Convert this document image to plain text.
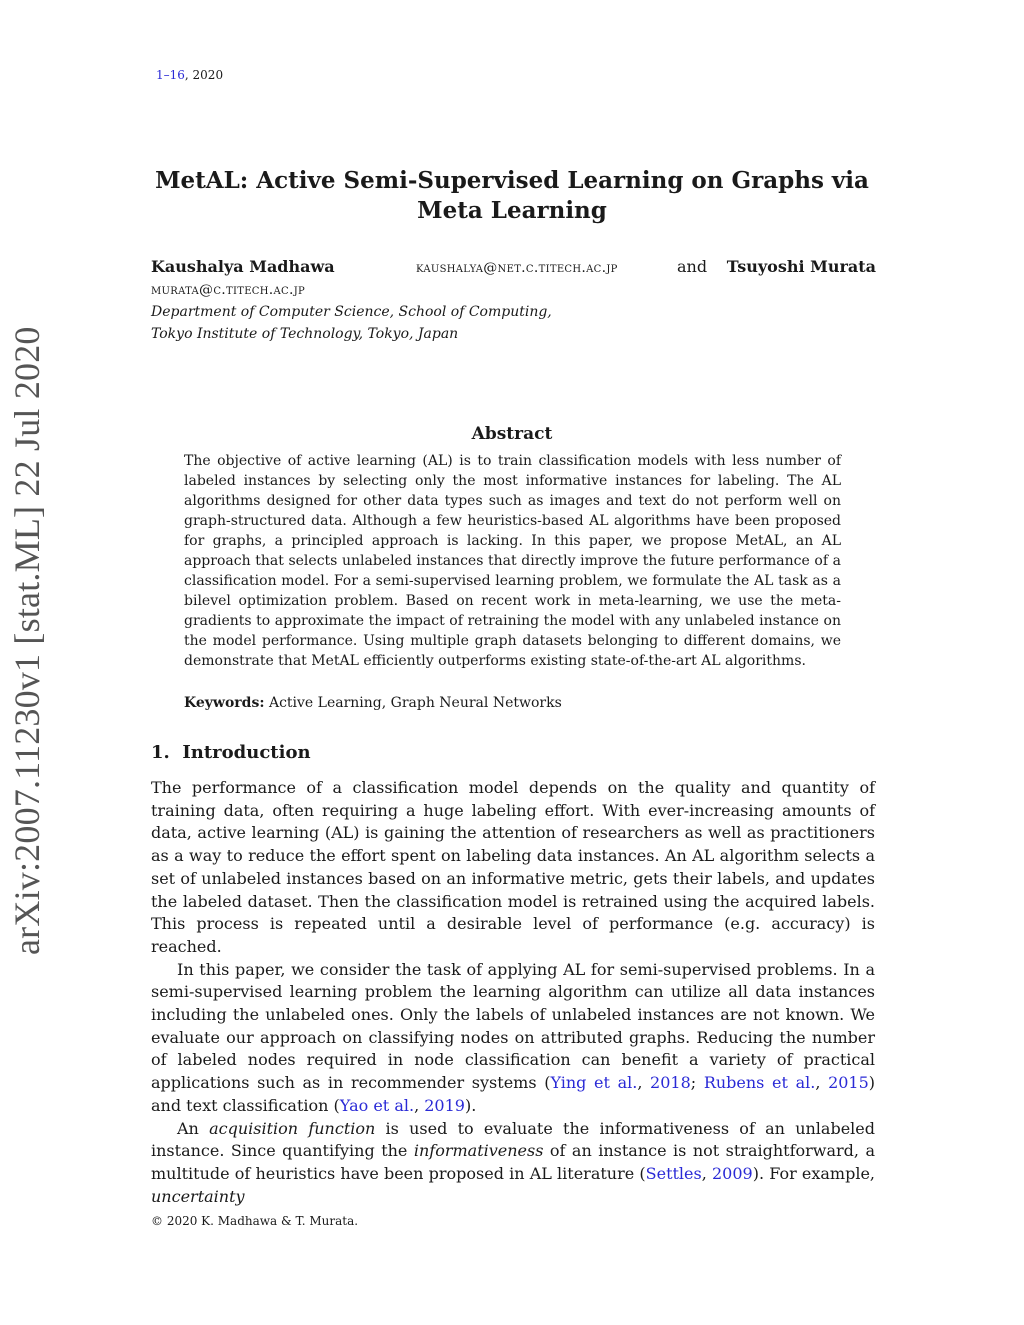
1–16, 2020
MetAL: Active Semi-Supervised Learning on Graphs via
Meta Learning
Kaushalya Madhawa	kaushalya@net.c.titech.ac.jp	and Tsuyoshi Murata
murata@c.titech.ac.jp
Department of Computer Science, School of Computing,
Tokyo Institute of Technology, Tokyo, Japan
arXiv:2007.11230v1 [stat.ML] 22 Jul 2020	Abstract
The objective of active learning (AL) is to train classification models with less number of labeled instances by selecting only the most informative instances for labeling. The AL algorithms designed for other data types such as images and text do not perform well on graph-structured data. Although a few heuristics-based AL algorithms have been proposed for graphs, a principled approach is lacking. In this paper, we propose MetAL, an AL approach that selects unlabeled instances that directly improve the future performance of a classification model. For a semi-supervised learning problem, we formulate the AL task as a bilevel optimization problem. Based on recent work in meta-learning, we use the meta-gradients to approximate the impact of retraining the model with any unlabeled instance on the model performance. Using multiple graph datasets belonging to different domains, we demonstrate that MetAL efficiently outperforms existing state-of-the-art AL algorithms.
Keywords: Active Learning, Graph Neural Networks
1. Introduction

The performance of a classification model depends on the quality and quantity of training data, often requiring a huge labeling effort. With ever-increasing amounts of data, active learning (AL) is gaining the attention of researchers as well as practitioners as a way to reduce the effort spent on labeling data instances. An AL algorithm selects a set of unlabeled instances based on an informative metric, gets their labels, and updates the labeled dataset. Then the classification model is retrained using the acquired labels. This process is repeated until a desirable level of performance (e.g. accuracy) is reached.

In this paper, we consider the task of applying AL for semi-supervised problems. In a semi-supervised learning problem the learning algorithm can utilize all data instances including the unlabeled ones. Only the labels of unlabeled instances are not known. We evaluate our approach on classifying nodes on attributed graphs. Reducing the number of labeled nodes required in node classification can benefit a variety of practical applications such as in recommender systems (Ying et al., 2018; Rubens et al., 2015) and text classification (Yao et al., 2019).

An acquisition function is used to evaluate the informativeness of an unlabeled instance. Since quantifying the informativeness of an instance is not straightforward, a multitude of heuristics have been proposed in AL literature (Settles, 2009). For example, uncertainty

© 2020 K. Madhawa & T. Murata.
